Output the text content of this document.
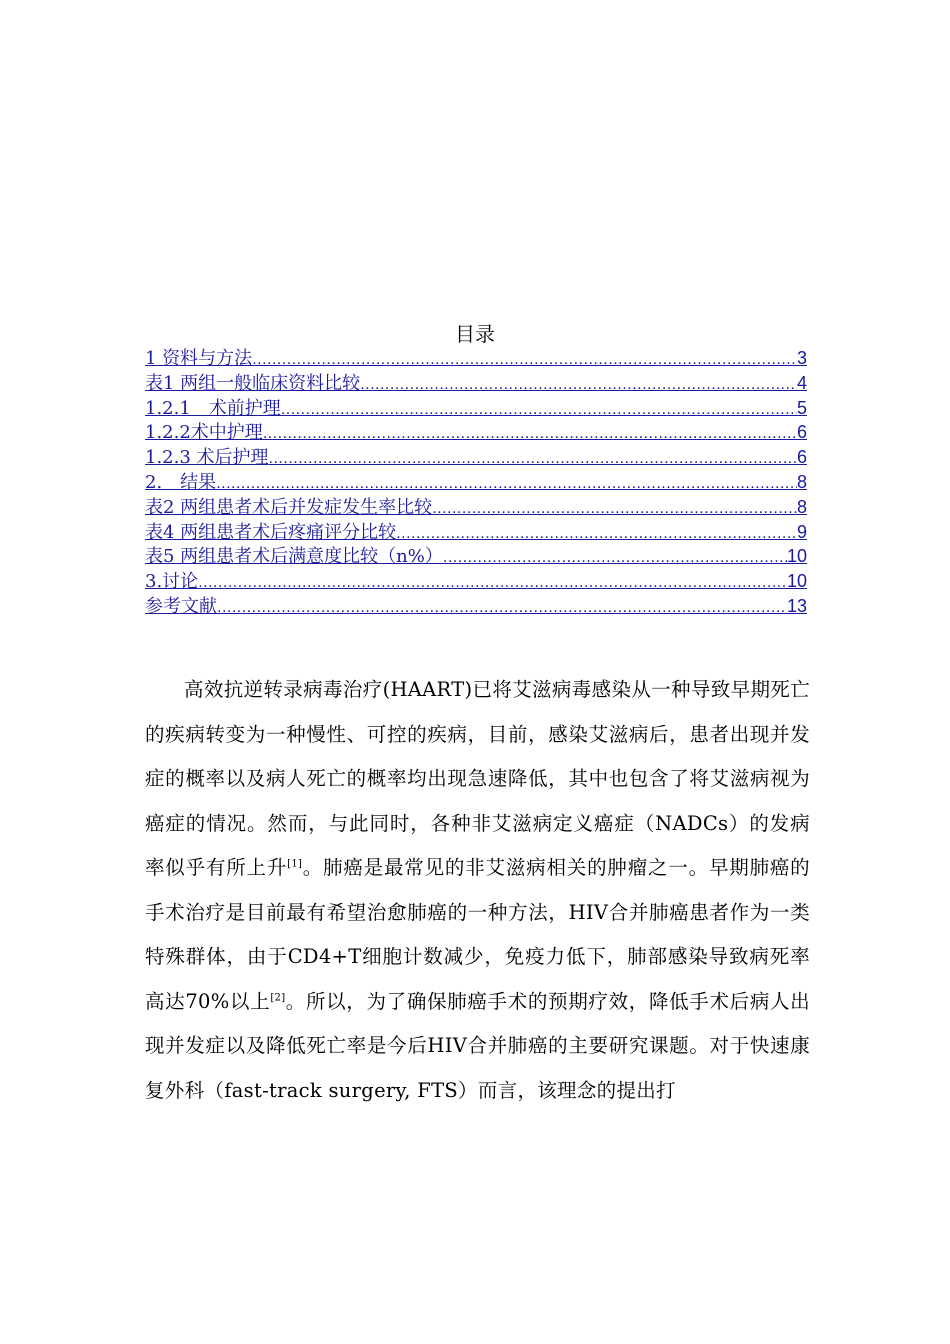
目录
1 资料与方法 .....	3
表1 两组一般临床资料比较 .....	4
1.2.1　术前护理 .....	5
1.2.2术中护理 .....	6
1.2.3 术后护理 .....	6
2.　结果 .....	8
表2 两组患者术后并发症发生率比较 .....	8
表4 两组患者术后疼痛评分比较 .....	9
表5 两组患者术后满意度比较（n%） .....	10
3.讨论 .....	10
参考文献 .....	13

高效抗逆转录病毒治疗(HAART)已将艾滋病毒感染从一种导致早期死亡的疾病转变为一种慢性、可控的疾病，目前，感染艾滋病后，患者出现并发症的概率以及病人死亡的概率均出现急速降低，其中也包含了将艾滋病视为癌症的情况。然而，与此同时，各种非艾滋病定义癌症（NADCs）的发病率似乎有所上升[1]。肺癌是最常见的非艾滋病相关的肿瘤之一。早期肺癌的手术治疗是目前最有希望治愈肺癌的一种方法，HIV合并肺癌患者作为一类特殊群体，由于CD4+T细胞计数减少，免疫力低下，肺部感染导致病死率高达70%以上[2]。所以，为了确保肺癌手术的预期疗效，降低手术后病人出现并发症以及降低死亡率是今后HIV合并肺癌的主要研究课题。对于快速康复外科（fast-track surgery, FTS）而言，该理念的提出打
